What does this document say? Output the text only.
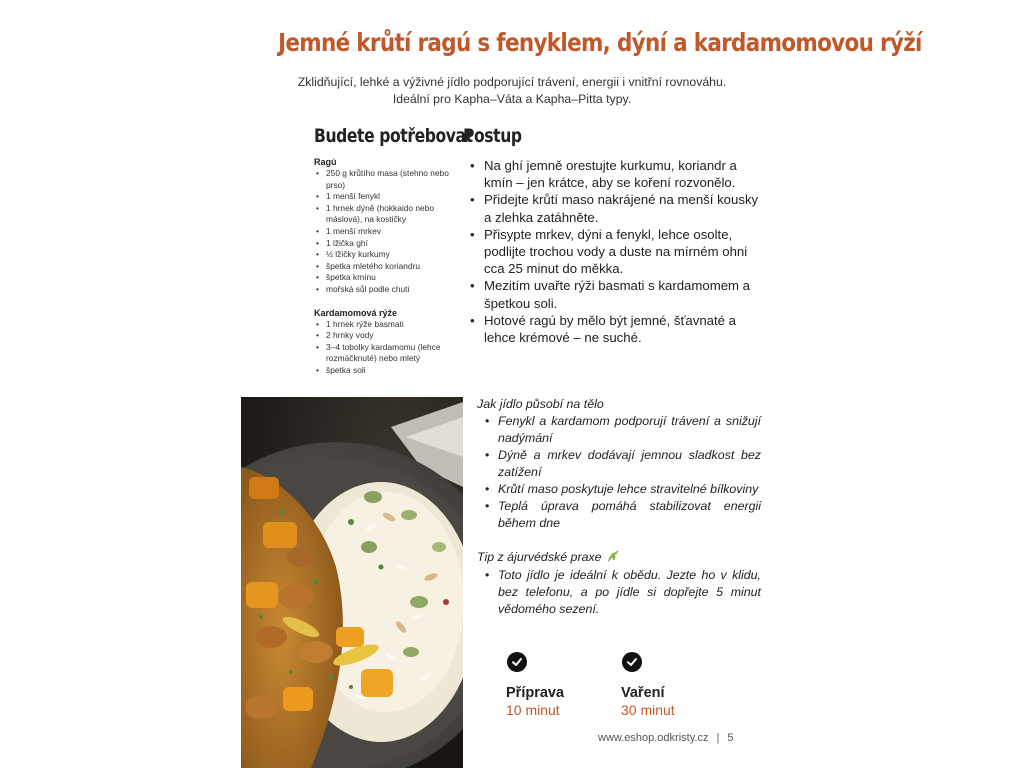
Jemné krůtí ragú s fenyklem, dýní a kardamomovou rýží
Zklidňující, lehké a výživné jídlo podporující trávení, energii i vnitřní rovnováhu. Ideální pro Kapha–Váta a Kapha–Pitta typy.
Budete potřebovat
Ragú
• 250 g krůtího masa (stehno nebo prso)
• 1 menší fenykl
• 1 hrnek dýně (hokkaido nebo máslová), na kostičky
• 1 menší mrkev
• 1 lžička ghí
• ½ lžičky kurkumy
• špetka mletého koriandru
• špetka kmínu
• mořská sůl podle chuti
Kardamomová rýže
• 1 hrnek rýže basmati
• 2 hrnky vody
• 3–4 tobolky kardamomu (lehce rozmáčknuté) nebo mletý
• špetka soli
Postup
• Na ghí jemně orestujte kurkumu, koriandr a kmín – jen krátce, aby se koření rozvonělo.
• Přidejte krůtí maso nakrájené na menší kousky a zlehka zatáhněte.
• Přisypte mrkev, dýni a fenykl, lehce osolte, podlijte trochou vody a duste na mírném ohni cca 25 minut do měkka.
• Mezitím uvařte rýži basmati s kardamomem a špetkou soli.
• Hotové ragú by mělo být jemné, šťavnaté a lehce krémové – ne suché.
Jak jídlo působí na tělo
• Fenykl a kardamom podporují trávení a snižují nadýmání
• Dýně a mrkev dodávají jemnou sladkost bez zatížení
• Krůtí maso poskytuje lehce stravitelné bílkoviny
• Teplá úprava pomáhá stabilizovat energii během dne
Tip z ájurvédské praxe
• Toto jídlo je ideální k obědu. Jezte ho v klidu, bez telefonu, a po jídle si dopřejte 5 minut vědomého sezení.
Příprava
10 minut
Vaření
30 minut
www.eshop.odkristy.cz | 5
